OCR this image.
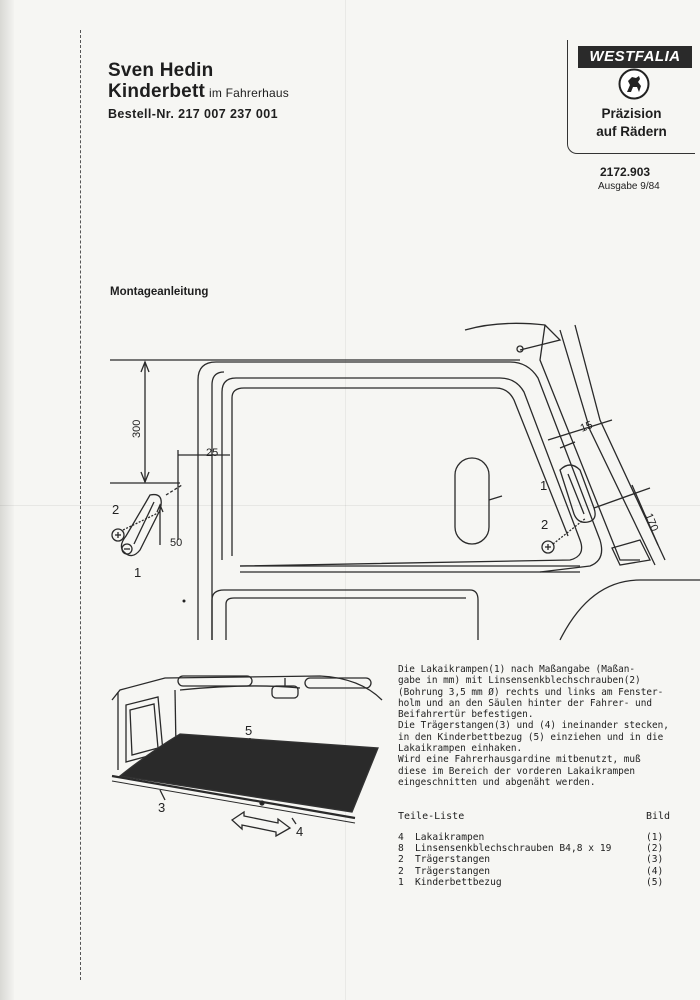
Sven Hedin
Kinderbett im Fahrerhaus
Bestell-Nr. 217 007 237 001
WESTFALIA
Präzision
auf Rädern
2172.903
Ausgabe 9/84
Montageanleitung
300
25
50
15
170
2
1
1
2
5
3
4

Die Lakaikrampen(1) nach Maßangabe (Maßan-

gabe in mm) mit Linsensenkblechschrauben(2)

(Bohrung 3,5 mm Ø) rechts und links am Fenster-

holm und an den Säulen hinter der Fahrer- und

Beifahrertür befestigen.

Die Trägerstangen(3) und (4) ineinander stecken,

in den Kinderbettbezug (5) einziehen und in die

Lakaikrampen einhaken.

Wird eine Fahrerhausgardine mitbenutzt, muß

diese im Bereich der vorderen Lakaikrampen

eingeschnitten und abgenäht werden.

Teile-Liste	Bild
4 Lakaikrampen	(1)
8 Linsensenkblechschrauben B4,8 x 19	(2)
2 Trägerstangen	(3)
2 Trägerstangen	(4)
1 Kinderbettbezug	(5)
